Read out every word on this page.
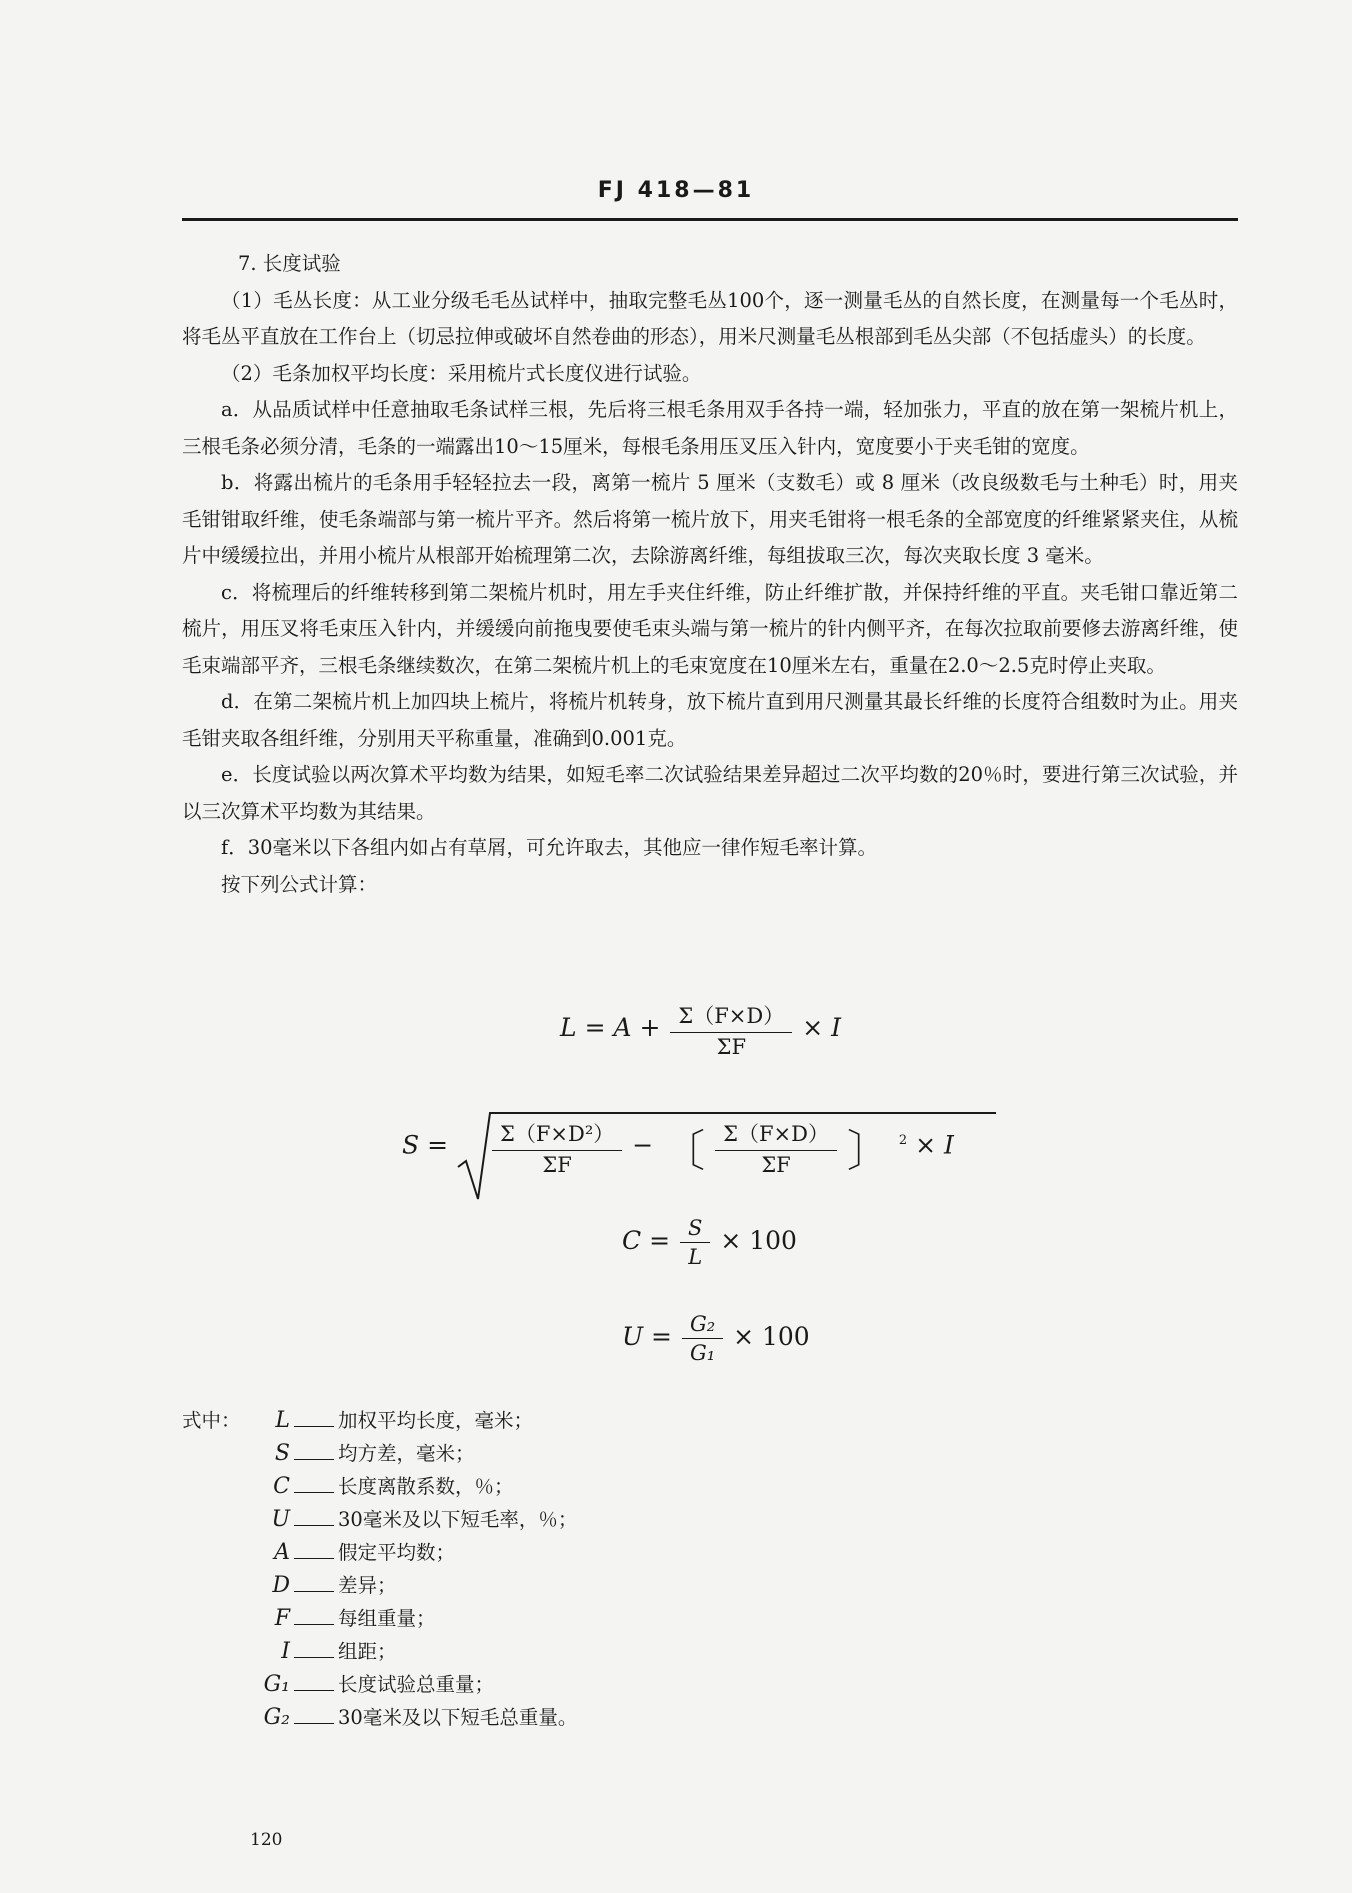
FJ 418—81

7. 长度试验

（1）毛丛长度：从工业分级毛毛丛试样中，抽取完整毛丛100个，逐一测量毛丛的自然长度，在测量每一个毛丛时，将毛丛平直放在工作台上（切忌拉伸或破坏自然卷曲的形态），用米尺测量毛丛根部到毛丛尖部（不包括虚头）的长度。

（2）毛条加权平均长度：采用梳片式长度仪进行试验。

a．从品质试样中任意抽取毛条试样三根，先后将三根毛条用双手各持一端，轻加张力，平直的放在第一架梳片机上，三根毛条必须分清，毛条的一端露出10～15厘米，每根毛条用压叉压入针内，宽度要小于夹毛钳的宽度。

b．将露出梳片的毛条用手轻轻拉去一段，离第一梳片 5 厘米（支数毛）或 8 厘米（改良级数毛与土种毛）时，用夹毛钳钳取纤维，使毛条端部与第一梳片平齐。然后将第一梳片放下，用夹毛钳将一根毛条的全部宽度的纤维紧紧夹住，从梳片中缓缓拉出，并用小梳片从根部开始梳理第二次，去除游离纤维，每组拔取三次，每次夹取长度 3 毫米。

c．将梳理后的纤维转移到第二架梳片机时，用左手夹住纤维，防止纤维扩散，并保持纤维的平直。夹毛钳口靠近第二梳片，用压叉将毛束压入针内，并缓缓向前拖曳要使毛束头端与第一梳片的针内侧平齐，在每次拉取前要修去游离纤维，使毛束端部平齐，三根毛条继续数次，在第二架梳片机上的毛束宽度在10厘米左右，重量在2.0～2.5克时停止夹取。

d．在第二架梳片机上加四块上梳片，将梳片机转身，放下梳片直到用尺测量其最长纤维的长度符合组数时为止。用夹毛钳夹取各组纤维，分别用天平称重量，准确到0.001克。

e．长度试验以两次算术平均数为结果，如短毛率二次试验结果差异超过二次平均数的20％时，要进行第三次试验，并以三次算术平均数为其结果。

f．30毫米以下各组内如占有草屑，可允许取去，其他应一律作短毛率计算。

按下列公式计算：

$L = A + \frac{\Sigma(F\times D)}{\Sigma F} \times I$
$S = \frac{\text{Σ（F×D²）}}{\Sigma F}$ − 〔 $\frac{\Sigma(F\times D)}{\Sigma F}$ 〕 $^2$ × I
$C = \frac{S}{L} \times 100$
$U = \frac{\text{G₂}}{\text{G₁}} \times 100$
式中：	L 加权平均长度，毫米；
S 均方差，毫米；
C 长度离散系数，％；
U 30毫米及以下短毛率，％；
A 假定平均数；
D 差异；
F 每组重量；
I 组距；
G₁ 长度试验总重量；
G₂ 30毫米及以下短毛总重量。
120
